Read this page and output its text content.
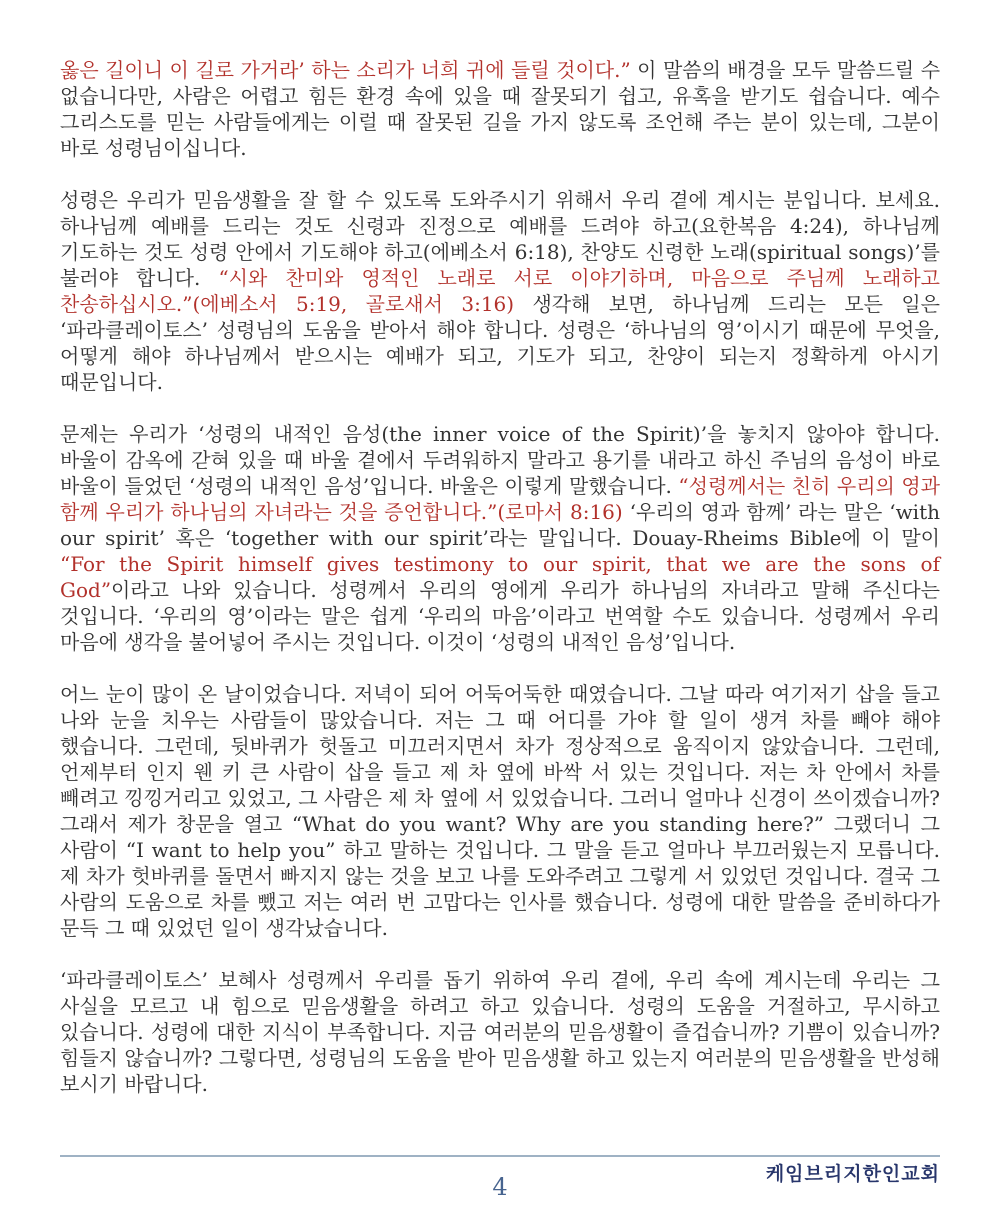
옳은 길이니 이 길로 가거라’ 하는 소리가 너희 귀에 들릴 것이다.” 이 말씀의 배경을 모두 말씀드릴 수 없습니다만, 사람은 어렵고 힘든 환경 속에 있을 때 잘못되기 쉽고, 유혹을 받기도 쉽습니다. 예수 그리스도를 믿는 사람들에게는 이럴 때 잘못된 길을 가지 않도록 조언해 주는 분이 있는데, 그분이 바로 성령님이십니다.

성령은 우리가 믿음생활을 잘 할 수 있도록 도와주시기 위해서 우리 곁에 계시는 분입니다. 보세요. 하나님께 예배를 드리는 것도 신령과 진정으로 예배를 드려야 하고(요한복음 4:24), 하나님께 기도하는 것도 성령 안에서 기도해야 하고(에베소서 6:18), 찬양도 신령한 노래(spiritual songs)’를 불러야 합니다. “시와 찬미와 영적인 노래로 서로 이야기하며, 마음으로 주님께 노래하고 찬송하십시오.”(에베소서 5:19, 골로새서 3:16) 생각해 보면, 하나님께 드리는 모든 일은 ‘파라클레이토스’ 성령님의 도움을 받아서 해야 합니다. 성령은 ‘하나님의 영’이시기 때문에 무엇을, 어떻게 해야 하나님께서 받으시는 예배가 되고, 기도가 되고, 찬양이 되는지 정확하게 아시기 때문입니다.

문제는 우리가 ‘성령의 내적인 음성(the inner voice of the Spirit)’을 놓치지 않아야 합니다. 바울이 감옥에 갇혀 있을 때 바울 곁에서 두려워하지 말라고 용기를 내라고 하신 주님의 음성이 바로 바울이 들었던 ‘성령의 내적인 음성’입니다. 바울은 이렇게 말했습니다. “성령께서는 친히 우리의 영과 함께 우리가 하나님의 자녀라는 것을 증언합니다.”(로마서 8:16) ‘우리의 영과 함께’ 라는 말은 ‘with our spirit’ 혹은 ‘together with our spirit’라는 말입니다. Douay-Rheims Bible에 이 말이 “For the Spirit himself gives testimony to our spirit, that we are the sons of God”이라고 나와 있습니다. 성령께서 우리의 영에게 우리가 하나님의 자녀라고 말해 주신다는 것입니다. ‘우리의 영’이라는 말은 쉽게 ‘우리의 마음’이라고 번역할 수도 있습니다. 성령께서 우리 마음에 생각을 불어넣어 주시는 것입니다. 이것이 ‘성령의 내적인 음성’입니다.

어느 눈이 많이 온 날이었습니다. 저녁이 되어 어둑어둑한 때였습니다. 그날 따라 여기저기 삽을 들고 나와 눈을 치우는 사람들이 많았습니다. 저는 그 때 어디를 가야 할 일이 생겨 차를 빼야 해야 했습니다. 그런데, 뒷바퀴가 헛돌고 미끄러지면서 차가 정상적으로 움직이지 않았습니다. 그런데, 언제부터 인지 웬 키 큰 사람이 삽을 들고 제 차 옆에 바싹 서 있는 것입니다. 저는 차 안에서 차를 빼려고 낑낑거리고 있었고, 그 사람은 제 차 옆에 서 있었습니다. 그러니 얼마나 신경이 쓰이겠습니까? 그래서 제가 창문을 열고 “What do you want? Why are you standing here?” 그랬더니 그 사람이 “I want to help you” 하고 말하는 것입니다. 그 말을 듣고 얼마나 부끄러웠는지 모릅니다. 제 차가 헛바퀴를 돌면서 빠지지 않는 것을 보고 나를 도와주려고 그렇게 서 있었던 것입니다. 결국 그 사람의 도움으로 차를 뺐고 저는 여러 번 고맙다는 인사를 했습니다. 성령에 대한 말씀을 준비하다가 문득 그 때 있었던 일이 생각났습니다.

‘파라클레이토스’ 보혜사 성령께서 우리를 돕기 위하여 우리 곁에, 우리 속에 계시는데 우리는 그 사실을 모르고 내 힘으로 믿음생활을 하려고 하고 있습니다. 성령의 도움을 거절하고, 무시하고 있습니다. 성령에 대한 지식이 부족합니다. 지금 여러분의 믿음생활이 즐겁습니까? 기쁨이 있습니까? 힘들지 않습니까? 그렇다면, 성령님의 도움을 받아 믿음생활 하고 있는지 여러분의 믿음생활을 반성해 보시기 바랍니다.

케임브리지한인교회
4
